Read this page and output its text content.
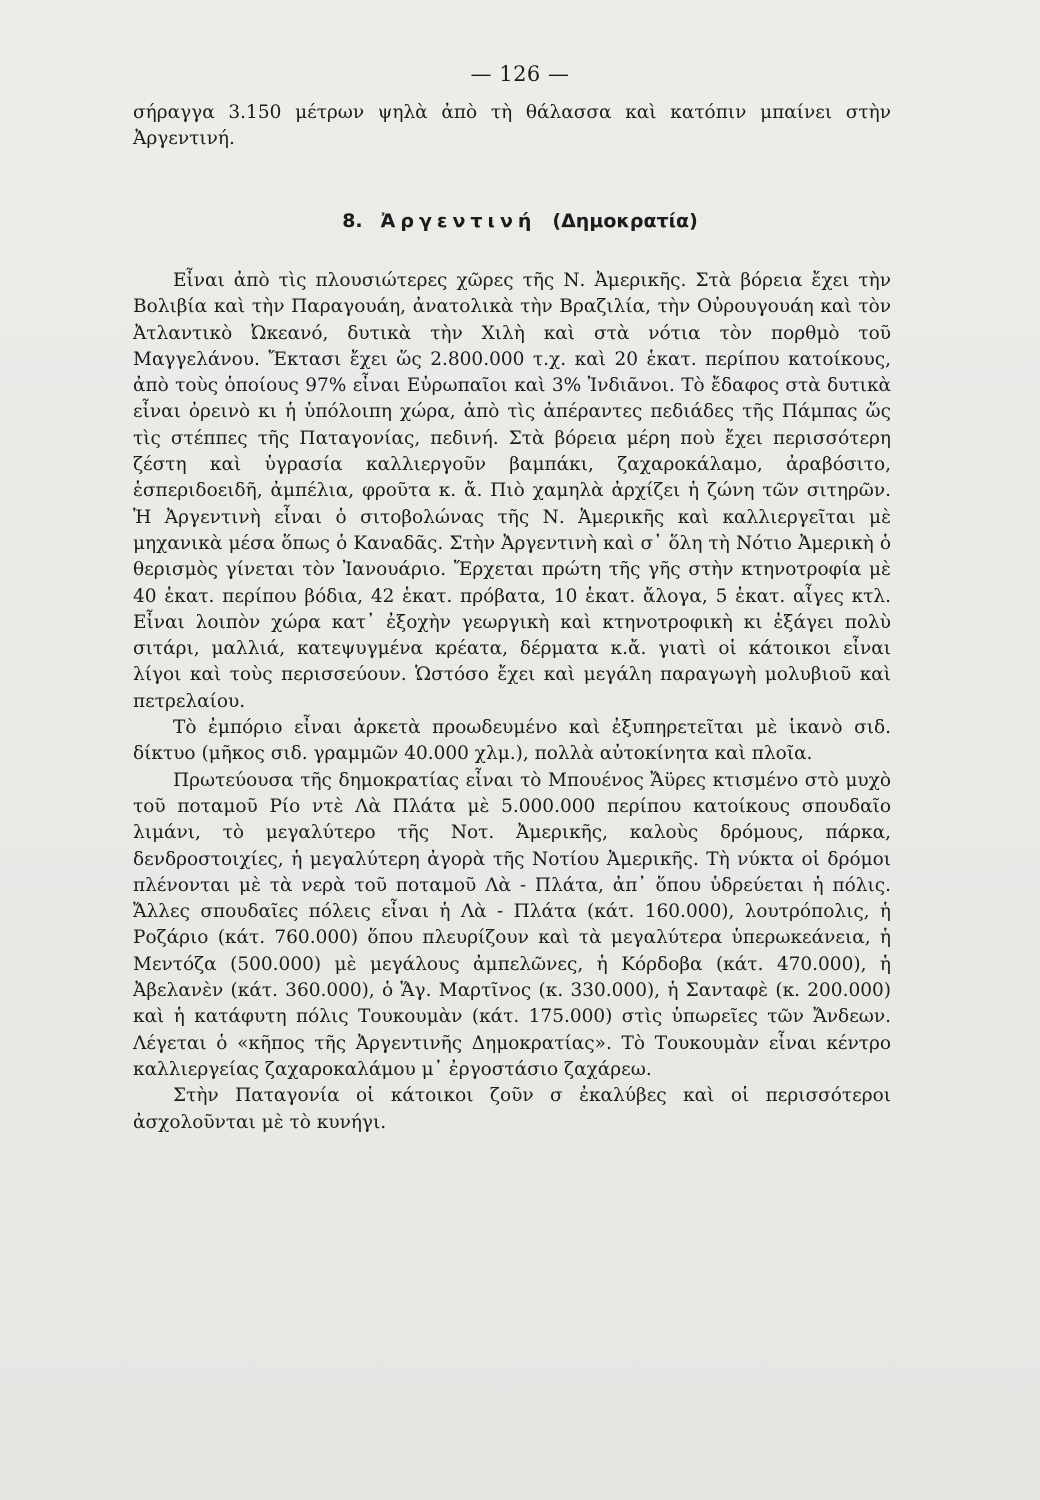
— 126 —

σήραγγα 3.150 μέτρων ψηλὰ ἀπὸ τὴ θάλασσα καὶ κατόπιν μπαίνει στὴν Ἀργεντινή.

8. Ἀργεντινή (Δημοκρατία)

Εἶναι ἀπὸ τὶς πλουσιώτερες χῶρες τῆς Ν. Ἀμερικῆς. Στὰ βόρεια ἔχει τὴν Βολιβία καὶ τὴν Παραγουάη, ἀνατολικὰ τὴν Βραζιλία, τὴν Οὐρουγουάη καὶ τὸν Ἀτλαντικὸ Ὠκεανό, δυτικὰ τὴν Χιλὴ καὶ στὰ νότια τὸν πορθμὸ τοῦ Μαγγελάνου. Ἔκτασι ἔχει ὥς 2.800.000 τ.χ. καὶ 20 ἑκατ. περίπου κατοίκους, ἀπὸ τοὺς ὁποίους 97% εἶναι Εὐρωπαῖοι καὶ 3% Ἰνδιᾶνοι. Τὸ ἔδαφος στὰ δυτικὰ εἶναι ὀρεινὸ κι ἡ ὑπόλοιπη χώρα, ἀπὸ τὶς ἀπέραντες πεδιάδες τῆς Πάμπας ὥς τὶς στέππες τῆς Παταγονίας, πεδινή. Στὰ βόρεια μέρη ποὺ ἔχει περισσότερη ζέστη καὶ ὑγρασία καλλιεργοῦν βαμπάκι, ζαχαροκάλαμο, ἀραβόσιτο, ἑσπεριδοειδῆ, ἀμπέλια, φροῦτα κ. ἄ. Πιὸ χαμηλὰ ἀρχίζει ἡ ζώνη τῶν σιτηρῶν. Ἡ Ἀργεντινὴ εἶναι ὁ σιτοβολώνας τῆς Ν. Ἀμερικῆς καὶ καλλιεργεῖται μὲ μηχανικὰ μέσα ὅπως ὁ Καναδᾶς. Στὴν Ἀργεντινὴ καὶ σ᾽ ὅλη τὴ Νότιο Ἀμερικὴ ὁ θερισμὸς γίνεται τὸν Ἰανουάριο. Ἔρχεται πρώτη τῆς γῆς στὴν κτηνοτροφία μὲ 40 ἑκατ. περίπου βόδια, 42 ἑκατ. πρόβατα, 10 ἑκατ. ἄλογα, 5 ἑκατ. αἶγες κτλ. Εἶναι λοιπὸν χώρα κατ᾽ ἐξοχὴν γεωργικὴ καὶ κτηνοτροφικὴ κι ἐξάγει πολὺ σιτάρι, μαλλιά, κατεψυγμένα κρέατα, δέρματα κ.ἄ. γιατὶ οἱ κάτοικοι εἶναι λίγοι καὶ τοὺς περισσεύουν. Ὡστόσο ἔχει καὶ μεγάλη παραγωγὴ μολυβιοῦ καὶ πετρελαίου.

Τὸ ἐμπόριο εἶναι ἀρκετὰ προωδευμένο καὶ ἐξυπηρετεῖται μὲ ἱκανὸ σιδ. δίκτυο (μῆκος σιδ. γραμμῶν 40.000 χλμ.), πολλὰ αὐτοκίνητα καὶ πλοῖα.

Πρωτεύουσα τῆς δημοκρατίας εἶναι τὸ Μπουένος Ἄϋρες κτισμένο στὸ μυχὸ τοῦ ποταμοῦ Ρίο ντὲ Λὰ Πλάτα μὲ 5.000.000 περίπου κατοίκους σπουδαῖο λιμάνι, τὸ μεγαλύτερο τῆς Νοτ. Ἀμερικῆς, καλοὺς δρόμους, πάρκα, δενδροστοιχίες, ἡ μεγαλύτερη ἀγορὰ τῆς Νοτίου Ἀμερικῆς. Τὴ νύκτα οἱ δρόμοι πλένονται μὲ τὰ νερὰ τοῦ ποταμοῦ Λὰ - Πλάτα, ἀπ᾽ ὅπου ὑδρεύεται ἡ πόλις. Ἄλλες σπουδαῖες πόλεις εἶναι ἡ Λὰ - Πλάτα (κάτ. 160.000), λουτρόπολις, ἡ Ροζάριο (κάτ. 760.000) ὅπου πλευρίζουν καὶ τὰ μεγαλύτερα ὑπερωκεάνεια, ἡ Μεντόζα (500.000) μὲ μεγάλους ἀμπελῶνες, ἡ Κόρδοβα (κάτ. 470.000), ἡ Ἀβελανὲν (κάτ. 360.000), ὁ Ἅγ. Μαρτῖνος (κ. 330.000), ἡ Σανταφὲ (κ. 200.000) καὶ ἡ κατάφυτη πόλις Τουκουμὰν (κάτ. 175.000) στὶς ὑπωρεῖες τῶν Ἄνδεων. Λέγεται ὁ «κῆπος τῆς Ἀργεντινῆς Δημοκρατίας». Τὸ Τουκουμὰν εἶναι κέντρο καλλιεργείας ζαχαροκαλάμου μ᾽ ἐργοστάσιο ζαχάρεω.

Στὴν Παταγονία οἱ κάτοικοι ζοῦν σ ἐκαλύβες καὶ οἱ περισσότεροι ἀσχολοῦνται μὲ τὸ κυνήγι.
